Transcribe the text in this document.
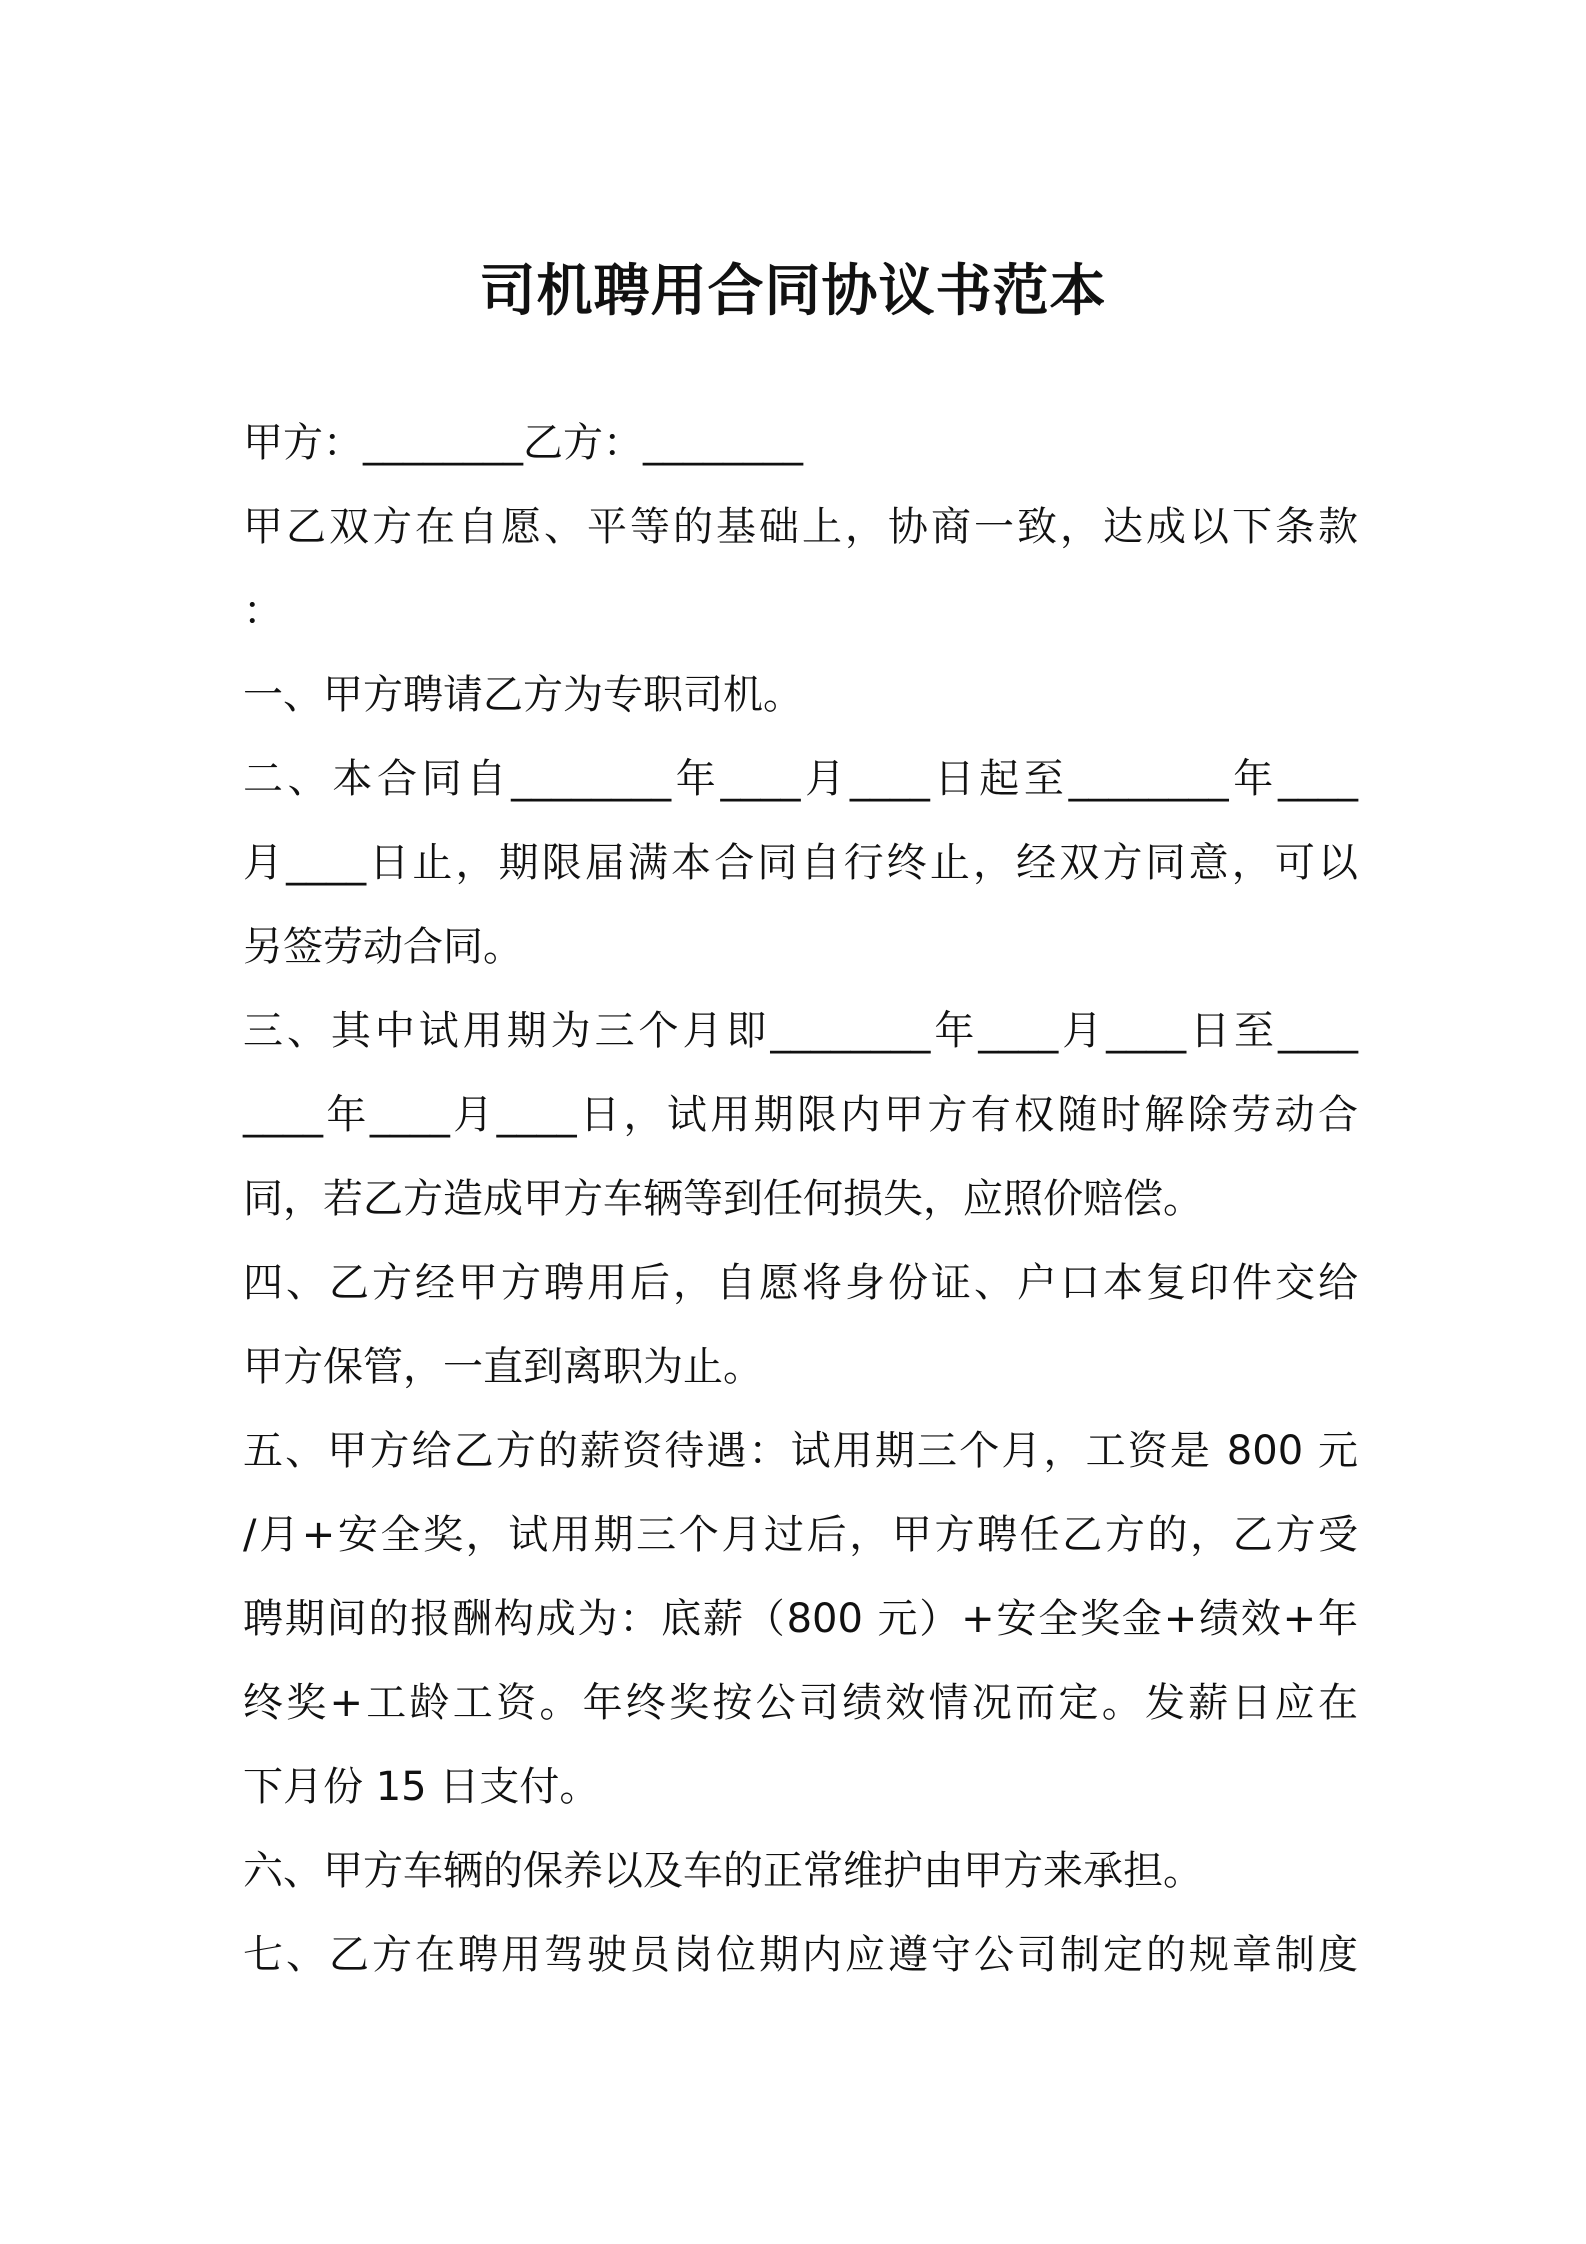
司机聘用合同协议书范本
甲方：________乙方：________
甲乙双方在自愿、平等的基础上，协商一致，达成以下条款
：
一、甲方聘请乙方为专职司机。
二、本合同自________年____月____日起至________年____
月____日止，期限届满本合同自行终止，经双方同意，可以
另签劳动合同。
三、其中试用期为三个月即________年____月____日至____
____年____月____日，试用期限内甲方有权随时解除劳动合
同，若乙方造成甲方车辆等到任何损失，应照价赔偿。
四、乙方经甲方聘用后，自愿将身份证、户口本复印件交给
甲方保管，一直到离职为止。
五、甲方给乙方的薪资待遇：试用期三个月，工资是 800 元
/月+安全奖，试用期三个月过后，甲方聘任乙方的，乙方受
聘期间的报酬构成为：底薪（800 元）+安全奖金+绩效+年
终奖+工龄工资。年终奖按公司绩效情况而定。发薪日应在
下月份 15 日支付。
六、甲方车辆的保养以及车的正常维护由甲方来承担。
七、乙方在聘用驾驶员岗位期内应遵守公司制定的规章制度
